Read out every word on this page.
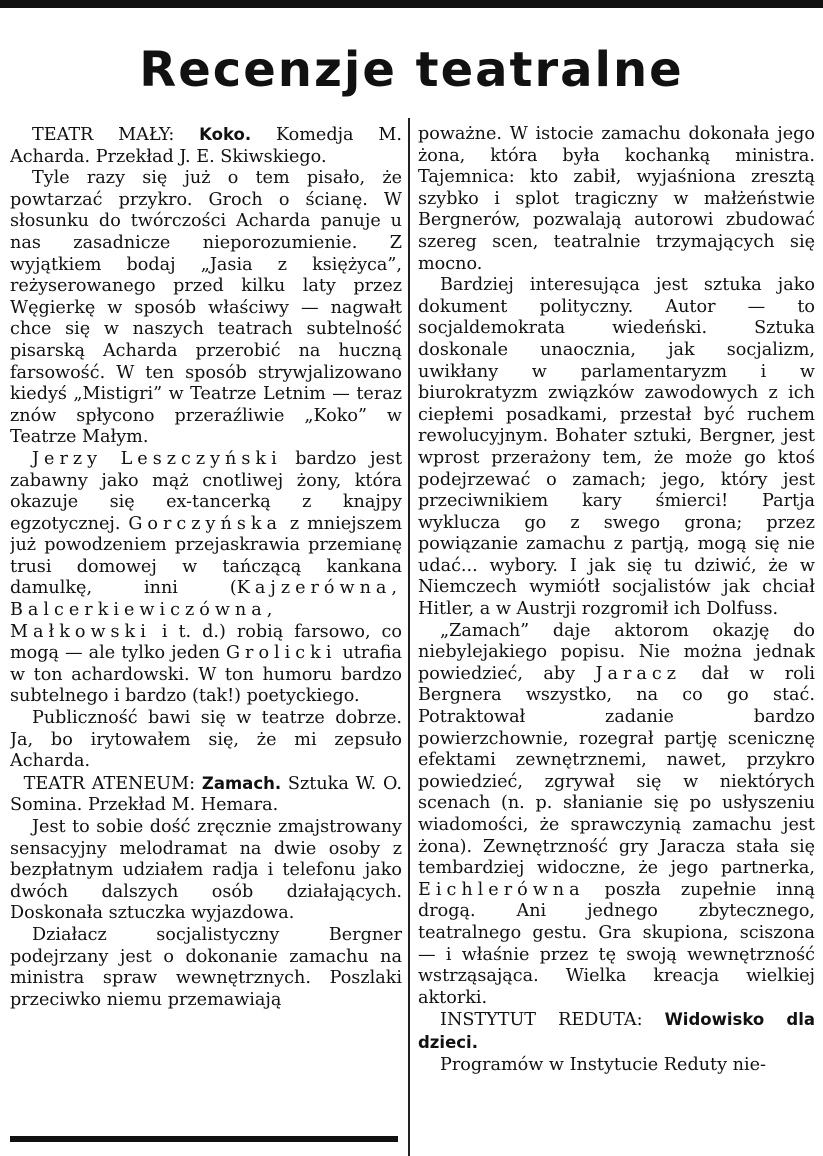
Recenzje teatralne

TEATR MAŁY: Koko. Komedja M. Acharda. Przekład J. E. Skiwskiego.

Tyle razy się już o tem pisało, że powtarzać przykro. Groch o ścianę. W słosunku do twórczości Acharda panuje u nas zasadnicze nieporozumienie. Z wyjątkiem bodaj „Jasia z księżyca”, reżyserowanego przed kilku laty przez Węgierkę w sposób właściwy — nagwałt chce się w naszych teatrach subtelność pisarską Acharda przerobić na huczną farsowość. W ten sposób strywjalizowano kiedyś „Mistigri” w Teatrze Letnim — teraz znów spłycono przeraźliwie „Koko” w Teatrze Małym.

Jerzy Leszczyński bardzo jest zabawny jako mąż cnotliwej żony, która okazuje się ex-tancerką z knajpy egzotycznej. Gorczyńska z mniejszem już powodzeniem przejaskrawia przemianę trusi domowej w tańczącą kankana damulkę, inni (Kajzerówna, Balcerkiewiczówna, Małkowski i t. d.) robią farsowo, co mogą — ale tylko jeden Grolicki utrafia w ton achardowski. W ton humoru bardzo subtelnego i bardzo (tak!) poetyckiego.

Publiczność bawi się w teatrze dobrze. Ja, bo irytowałem się, że mi zepsuło Acharda.

TEATR ATENEUM: Zamach. Sztuka W. O. Somina. Przekład M. Hemara.

Jest to sobie dość zręcznie zmajstrowany sensacyjny melodramat na dwie osoby z bezpłatnym udziałem radja i telefonu jako dwóch dalszych osób działających. Doskonała sztuczka wyjazdowa.

Działacz socjalistyczny Bergner podejrzany jest o dokonanie zamachu na ministra spraw wewnętrznych. Poszlaki przeciwko niemu przemawiają

poważne. W istocie zamachu dokonała jego żona, która była kochanką ministra. Tajemnica: kto zabił, wyjaśniona zresztą szybko i splot tragiczny w małżeństwie Bergnerów, pozwalają autorowi zbudować szereg scen, teatralnie trzymających się mocno.

Bardziej interesująca jest sztuka jako dokument polityczny. Autor — to socjaldemokrata wiedeński. Sztuka doskonale unaocznia, jak socjalizm, uwikłany w parlamentaryzm i w biurokratyzm związków zawodowych z ich ciepłemi posadkami, przestał być ruchem rewolucyjnym. Bohater sztuki, Bergner, jest wprost przerażony tem, że może go ktoś podejrzewać o zamach; jego, który jest przeciwnikiem kary śmierci! Partja wyklucza go z swego grona; przez powiązanie zamachu z partją, mogą się nie udać... wybory. I jak się tu dziwić, że w Niemczech wymiótł socjalistów jak chciał Hitler, a w Austrji rozgromił ich Dolfuss.

„Zamach” daje aktorom okazję do niebylejakiego popisu. Nie można jednak powiedzieć, aby Jaracz dał w roli Bergnera wszystko, na co go stać. Potraktował zadanie bardzo powierzchownie, rozegrał partję scenicznę efektami zewnętrznemi, nawet, przykro powiedzieć, zgrywał się w niektórych scenach (n. p. słanianie się po usłyszeniu wiadomości, że sprawczynią zamachu jest żona). Zewnętrzność gry Jaracza stała się tembardziej widoczne, że jego partnerka, Eichlerówna poszła zupełnie inną drogą. Ani jednego zbytecznego, teatralnego gestu. Gra skupiona, sciszona — i właśnie przez tę swoją wewnętrzność wstrząsająca. Wielka kreacja wielkiej aktorki.

INSTYTUT REDUTA: Widowisko dla dzieci.

Programów w Instytucie Reduty nie-
